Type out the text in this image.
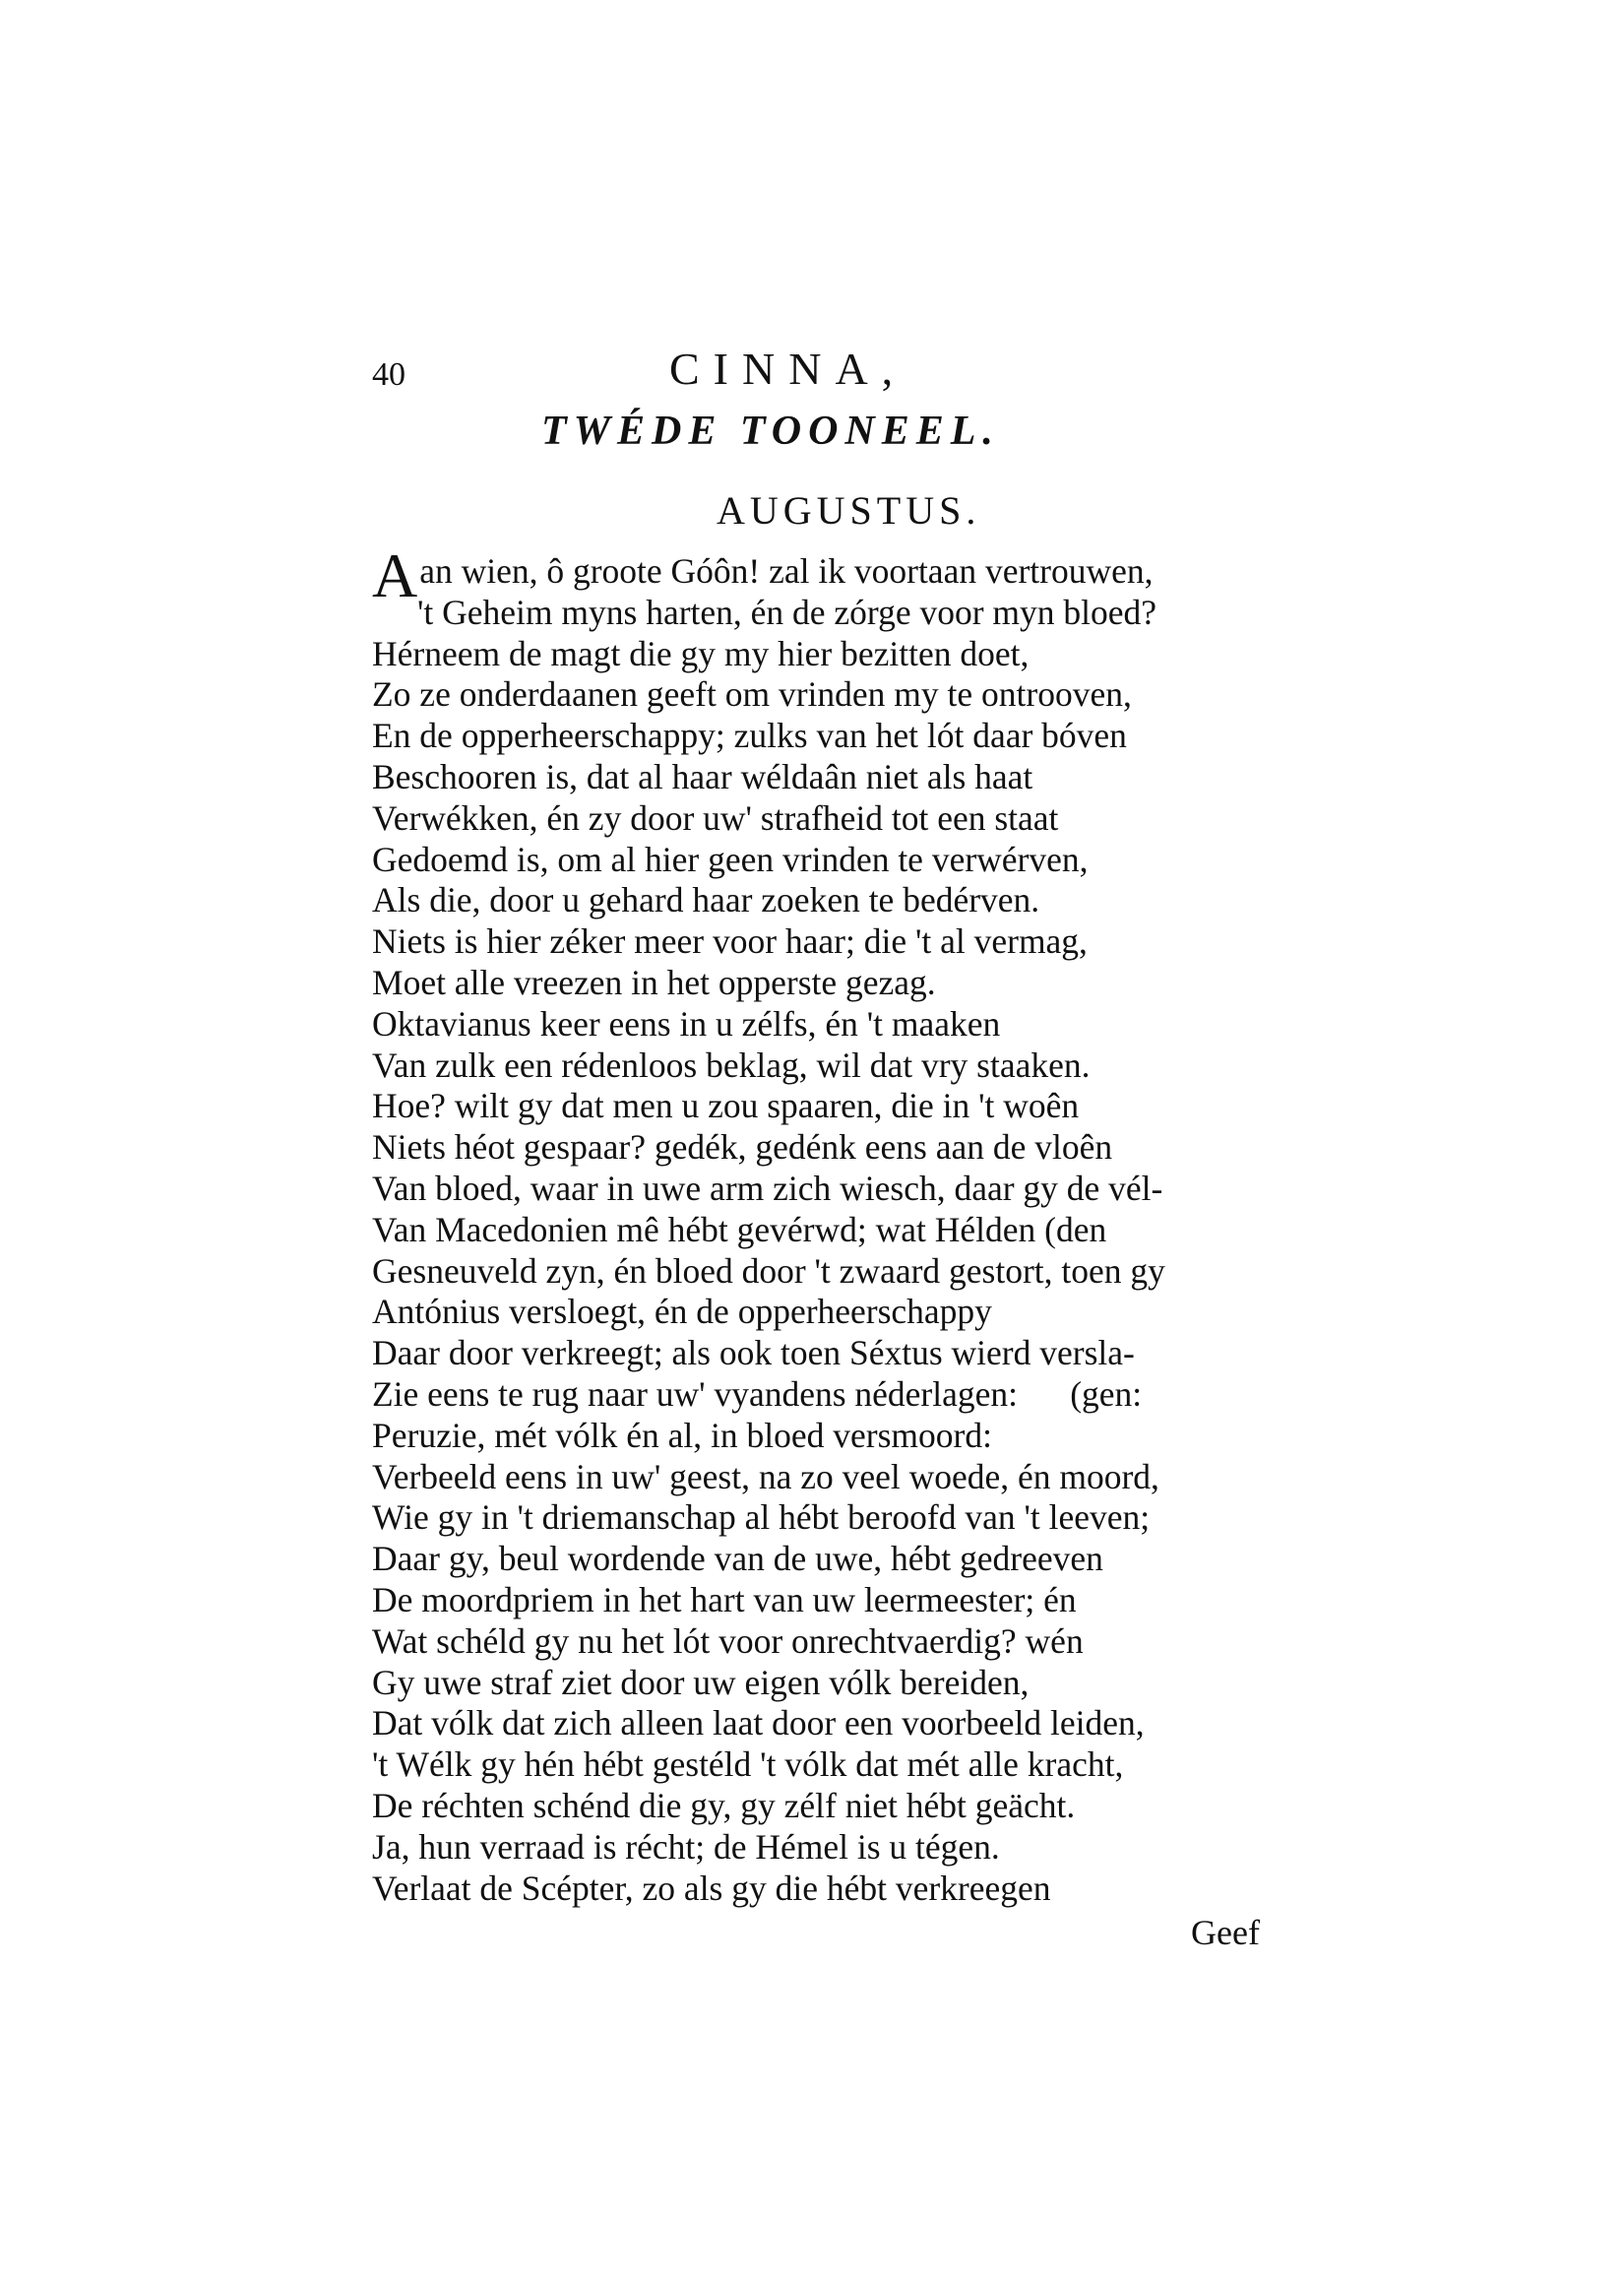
40	CINNA,
TWÉDE TOONEEL.
AUGUSTUS.
Aan wien, ô groote Góôn! zal ik voortaan vertrouwen,
't Geheim myns harten, én de zórge voor myn bloed?
Hérneem de magt die gy my hier bezitten doet,
Zo ze onderdaanen geeft om vrinden my te ontrooven,
En de opperheerschappy; zulks van het lót daar bóven
Beschooren is, dat al haar wéldaân niet als haat
Verwékken, én zy door uw' strafheid tot een staat
Gedoemd is, om al hier geen vrinden te verwérven,
Als die, door u gehard haar zoeken te bedérven.
Niets is hier zéker meer voor haar; die 't al vermag,
Moet alle vreezen in het opperste gezag.
Oktavianus keer eens in u zélfs, én 't maaken
Van zulk een rédenloos beklag, wil dat vry staaken.
Hoe? wilt gy dat men u zou spaaren, die in 't woên
Niets héot gespaar? gedék, gedénk eens aan de vloên
Van bloed, waar in uwe arm zich wiesch, daar gy de vél-
Van Macedonien mê hébt gevérwd; wat Hélden (den
Gesneuveld zyn, én bloed door 't zwaard gestort, toen gy
Antónius versloegt, én de opperheerschappy
Daar door verkreegt; als ook toen Séxtus wierd versla-
Zie eens te rug naar uw' vyandens néderlagen:      (gen:
Peruzie, mét vólk én al, in bloed versmoord:
Verbeeld eens in uw' geest, na zo veel woede, én moord,
Wie gy in 't driemanschap al hébt beroofd van 't leeven;
Daar gy, beul wordende van de uwe, hébt gedreeven
De moordpriem in het hart van uw leermeester; én
Wat schéld gy nu het lót voor onrechtvaerdig? wén
Gy uwe straf ziet door uw eigen vólk bereiden,
Dat vólk dat zich alleen laat door een voorbeeld leiden,
't Wélk gy hén hébt gestéld 't vólk dat mét alle kracht,
De réchten schénd die gy, gy zélf niet hébt geächt.
Ja, hun verraad is récht; de Hémel is u tégen.
Verlaat de Scépter, zo als gy die hébt verkreegen
Geef
